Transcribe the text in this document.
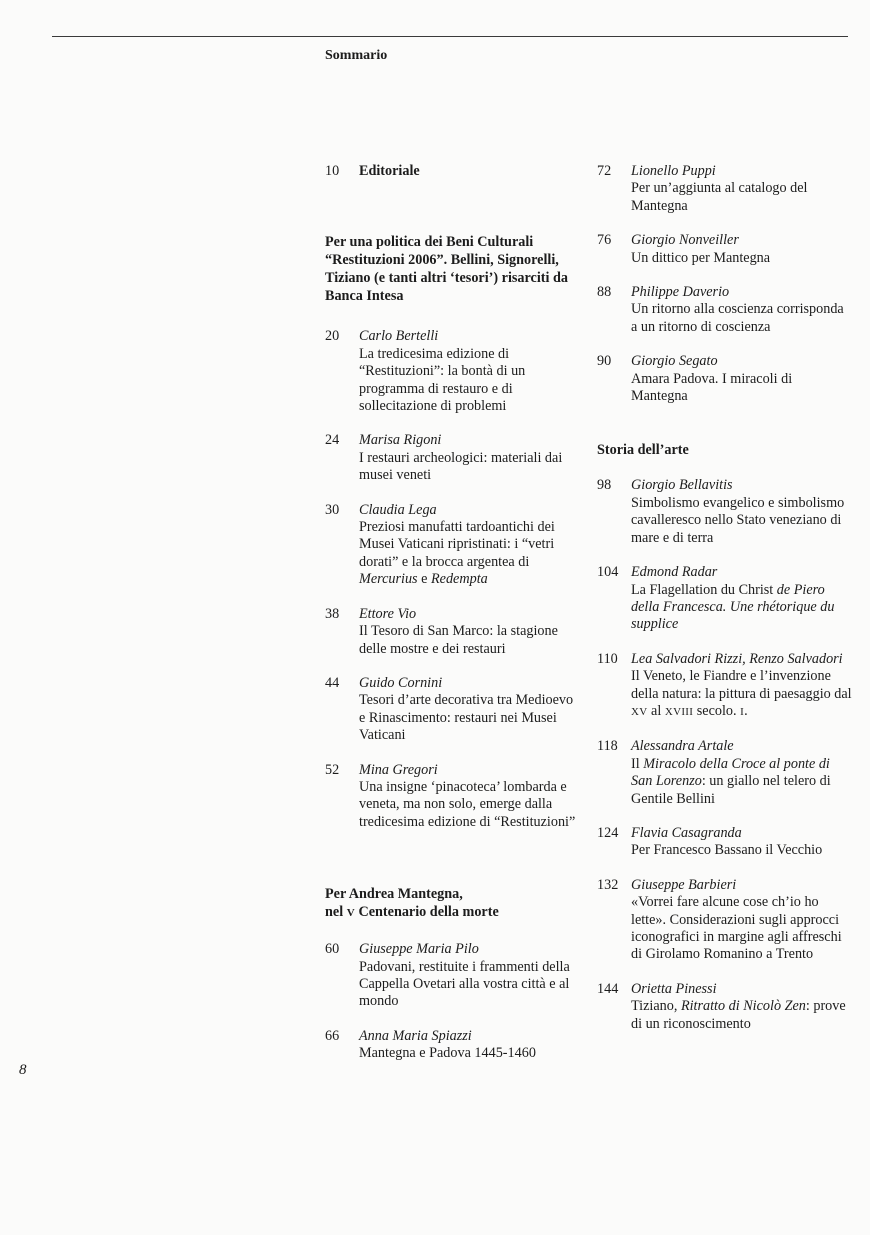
Sommario
8
10	Editoriale
Per una politica dei Beni Culturali “Restituzioni 2006”. Bellini, Signorelli, Tiziano (e tanti altri ‘tesori’) risarciti da Banca Intesa
20	Carlo Bertelli
La tredicesima edizione di “Restituzioni”: la bontà di un programma di restauro e di sollecitazione di problemi
24	Marisa Rigoni
I restauri archeologici: materiali dai musei veneti
30	Claudia Lega
Preziosi manufatti tardoantichi dei Musei Vaticani ripristinati: i “vetri dorati” e la brocca argentea di Mercurius e Redempta
38	Ettore Vio
Il Tesoro di San Marco: la stagione delle mostre e dei restauri
44	Guido Cornini
Tesori d’arte decorativa tra Medioevo e Rinascimento: restauri nei Musei Vaticani
52	Mina Gregori
Una insigne ‘pinacoteca’ lombarda e veneta, ma non solo, emerge dalla tredicesima edizione di “Restituzioni”
Per Andrea Mantegna,
nel V Centenario della morte
60	Giuseppe Maria Pilo
Padovani, restituite i frammenti della Cappella Ovetari alla vostra città e al mondo
66	Anna Maria Spiazzi
Mantegna e Padova 1445-1460
72	Lionello Puppi
Per un’aggiunta al catalogo del Mantegna
76	Giorgio Nonveiller
Un dittico per Mantegna
88	Philippe Daverio
Un ritorno alla coscienza corrisponda a un ritorno di coscienza
90	Giorgio Segato
Amara Padova. I miracoli di Mantegna
Storia dell’arte
98	Giorgio Bellavitis
Simbolismo evangelico e simbolismo cavalleresco nello Stato veneziano di mare e di terra
104 Edmond Radar
La Flagellation du Christ de Piero della Francesca. Une rhétorique du supplice
110 Lea Salvadori Rizzi, Renzo Salvadori
Il Veneto, le Fiandre e l’invenzione della natura: la pittura di paesaggio dal XV al XVIII secolo. I.
118 Alessandra Artale
Il Miracolo della Croce al ponte di San Lorenzo: un giallo nel telero di Gentile Bellini
124 Flavia Casagranda
Per Francesco Bassano il Vecchio
132 Giuseppe Barbieri
«Vorrei fare alcune cose ch’io ho lette». Considerazioni sugli approcci iconografici in margine agli affreschi di Girolamo Romanino a Trento
144 Orietta Pinessi
Tiziano, Ritratto di Nicolò Zen: prove di un riconoscimento
